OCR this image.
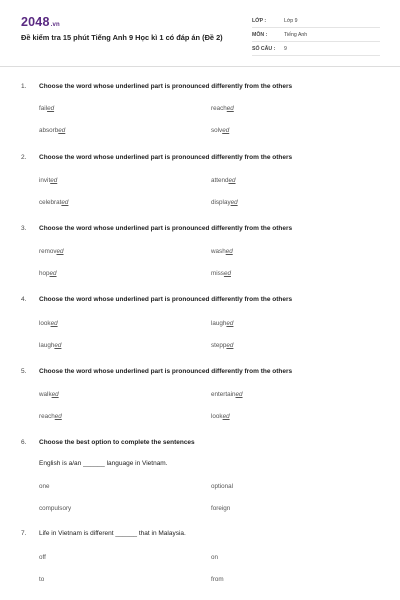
2048.vn
Đề kiểm tra 15 phút Tiếng Anh 9 Học kì 1 có đáp án (Đề 2)
LỚP :	Lớp 9
MÔN :	Tiếng Anh
SỐ CÂU : 9
1. Choose the word whose underlined part is pronounced differently from the others
failed	reached
absorbed	solved
2. Choose the word whose underlined part is pronounced differently from the others
invited	attended
celebrated	displayed
3. Choose the word whose underlined part is pronounced differently from the others
removed	washed
hoped	missed
4. Choose the word whose underlined part is pronounced differently from the others
looked	laughed
laughed	stepped
5. Choose the word whose underlined part is pronounced differently from the others
walked	entertained
reached	looked
6. Choose the best option to complete the sentences
English is a/an ______ language in Vietnam.
one	optional
compulsory	foreign
7. Life in Vietnam is different ______ that in Malaysia.
off	on
to	from
